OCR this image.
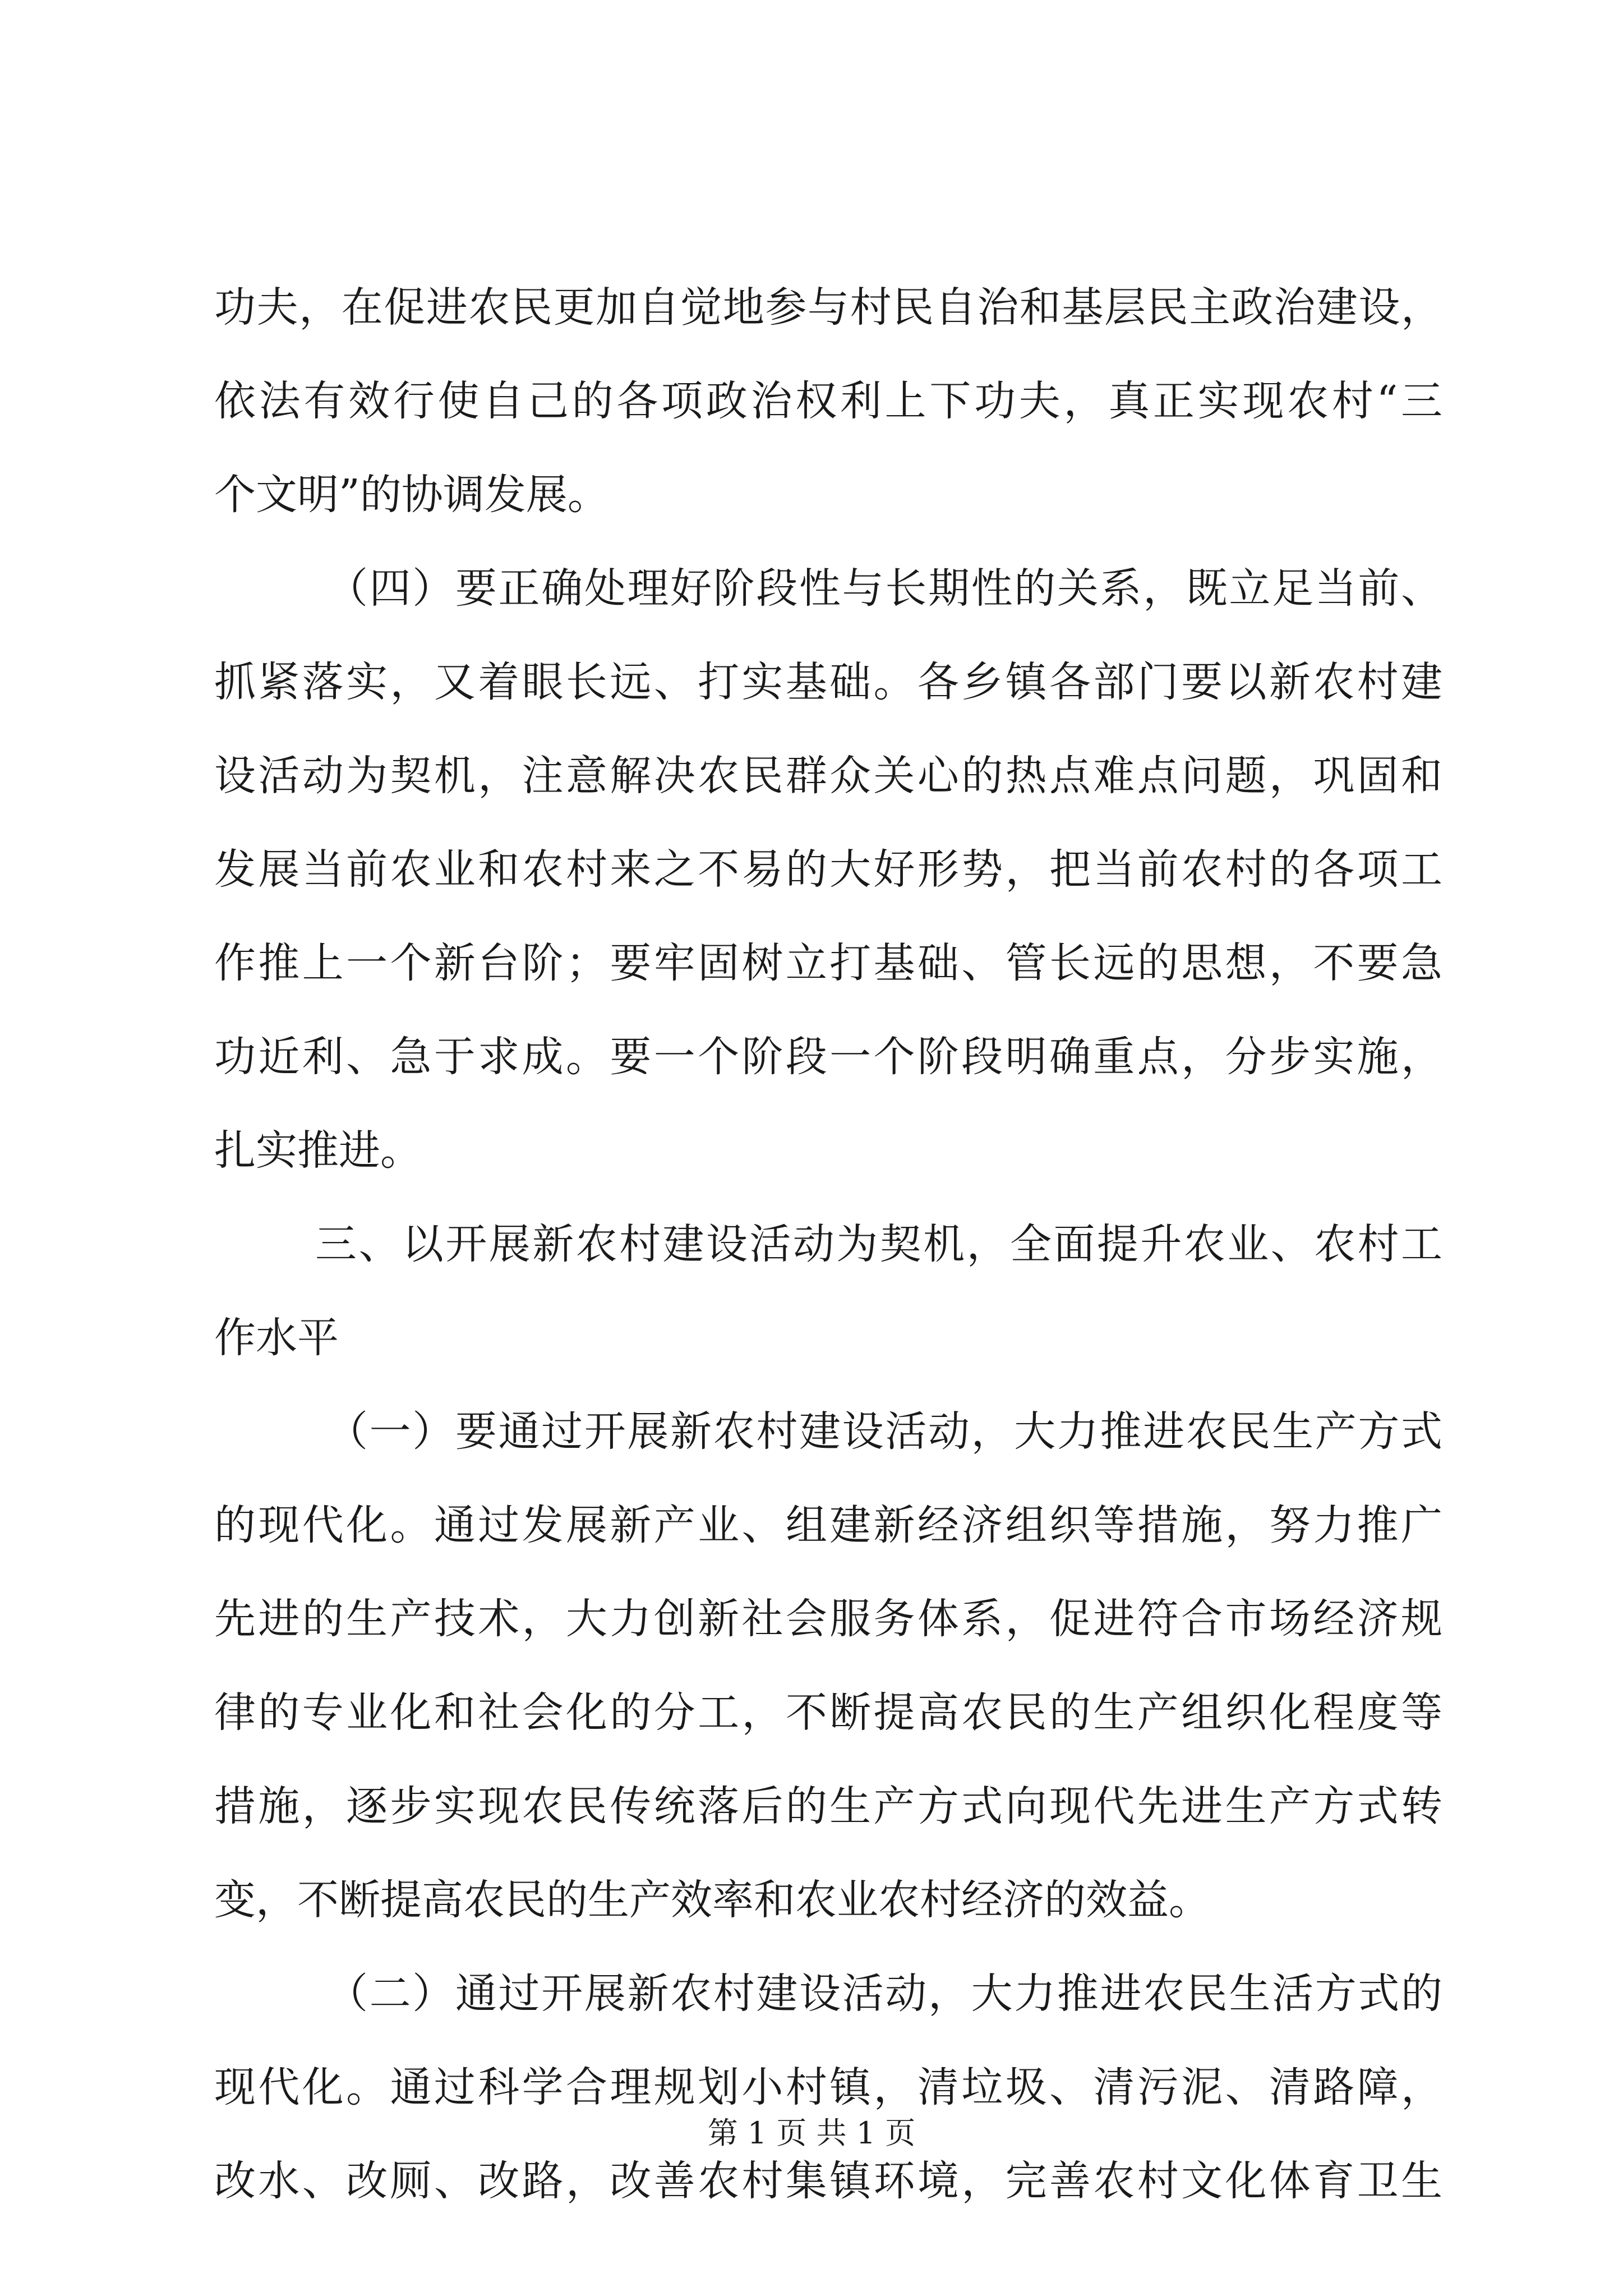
功夫，在促进农民更加自觉地参与村民自治和基层民主政治建设，
依法有效行使自己的各项政治权利上下功夫，真正实现农村“三
个文明”的协调发展。
（四）要正确处理好阶段性与长期性的关系，既立足当前、
抓紧落实，又着眼长远、打实基础。各乡镇各部门要以新农村建
设活动为契机，注意解决农民群众关心的热点难点问题，巩固和
发展当前农业和农村来之不易的大好形势，把当前农村的各项工
作推上一个新台阶；要牢固树立打基础、管长远的思想，不要急
功近利、急于求成。要一个阶段一个阶段明确重点，分步实施，
扎实推进。
三、以开展新农村建设活动为契机，全面提升农业、农村工
作水平
（一）要通过开展新农村建设活动，大力推进农民生产方式
的现代化。通过发展新产业、组建新经济组织等措施，努力推广
先进的生产技术，大力创新社会服务体系，促进符合市场经济规
律的专业化和社会化的分工，不断提高农民的生产组织化程度等
措施，逐步实现农民传统落后的生产方式向现代先进生产方式转
变，不断提高农民的生产效率和农业农村经济的效益。
（二）通过开展新农村建设活动，大力推进农民生活方式的
现代化。通过科学合理规划小村镇，清垃圾、清污泥、清路障，
改水、改厕、改路，改善农村集镇环境，完善农村文化体育卫生
第 1 页 共 1 页
